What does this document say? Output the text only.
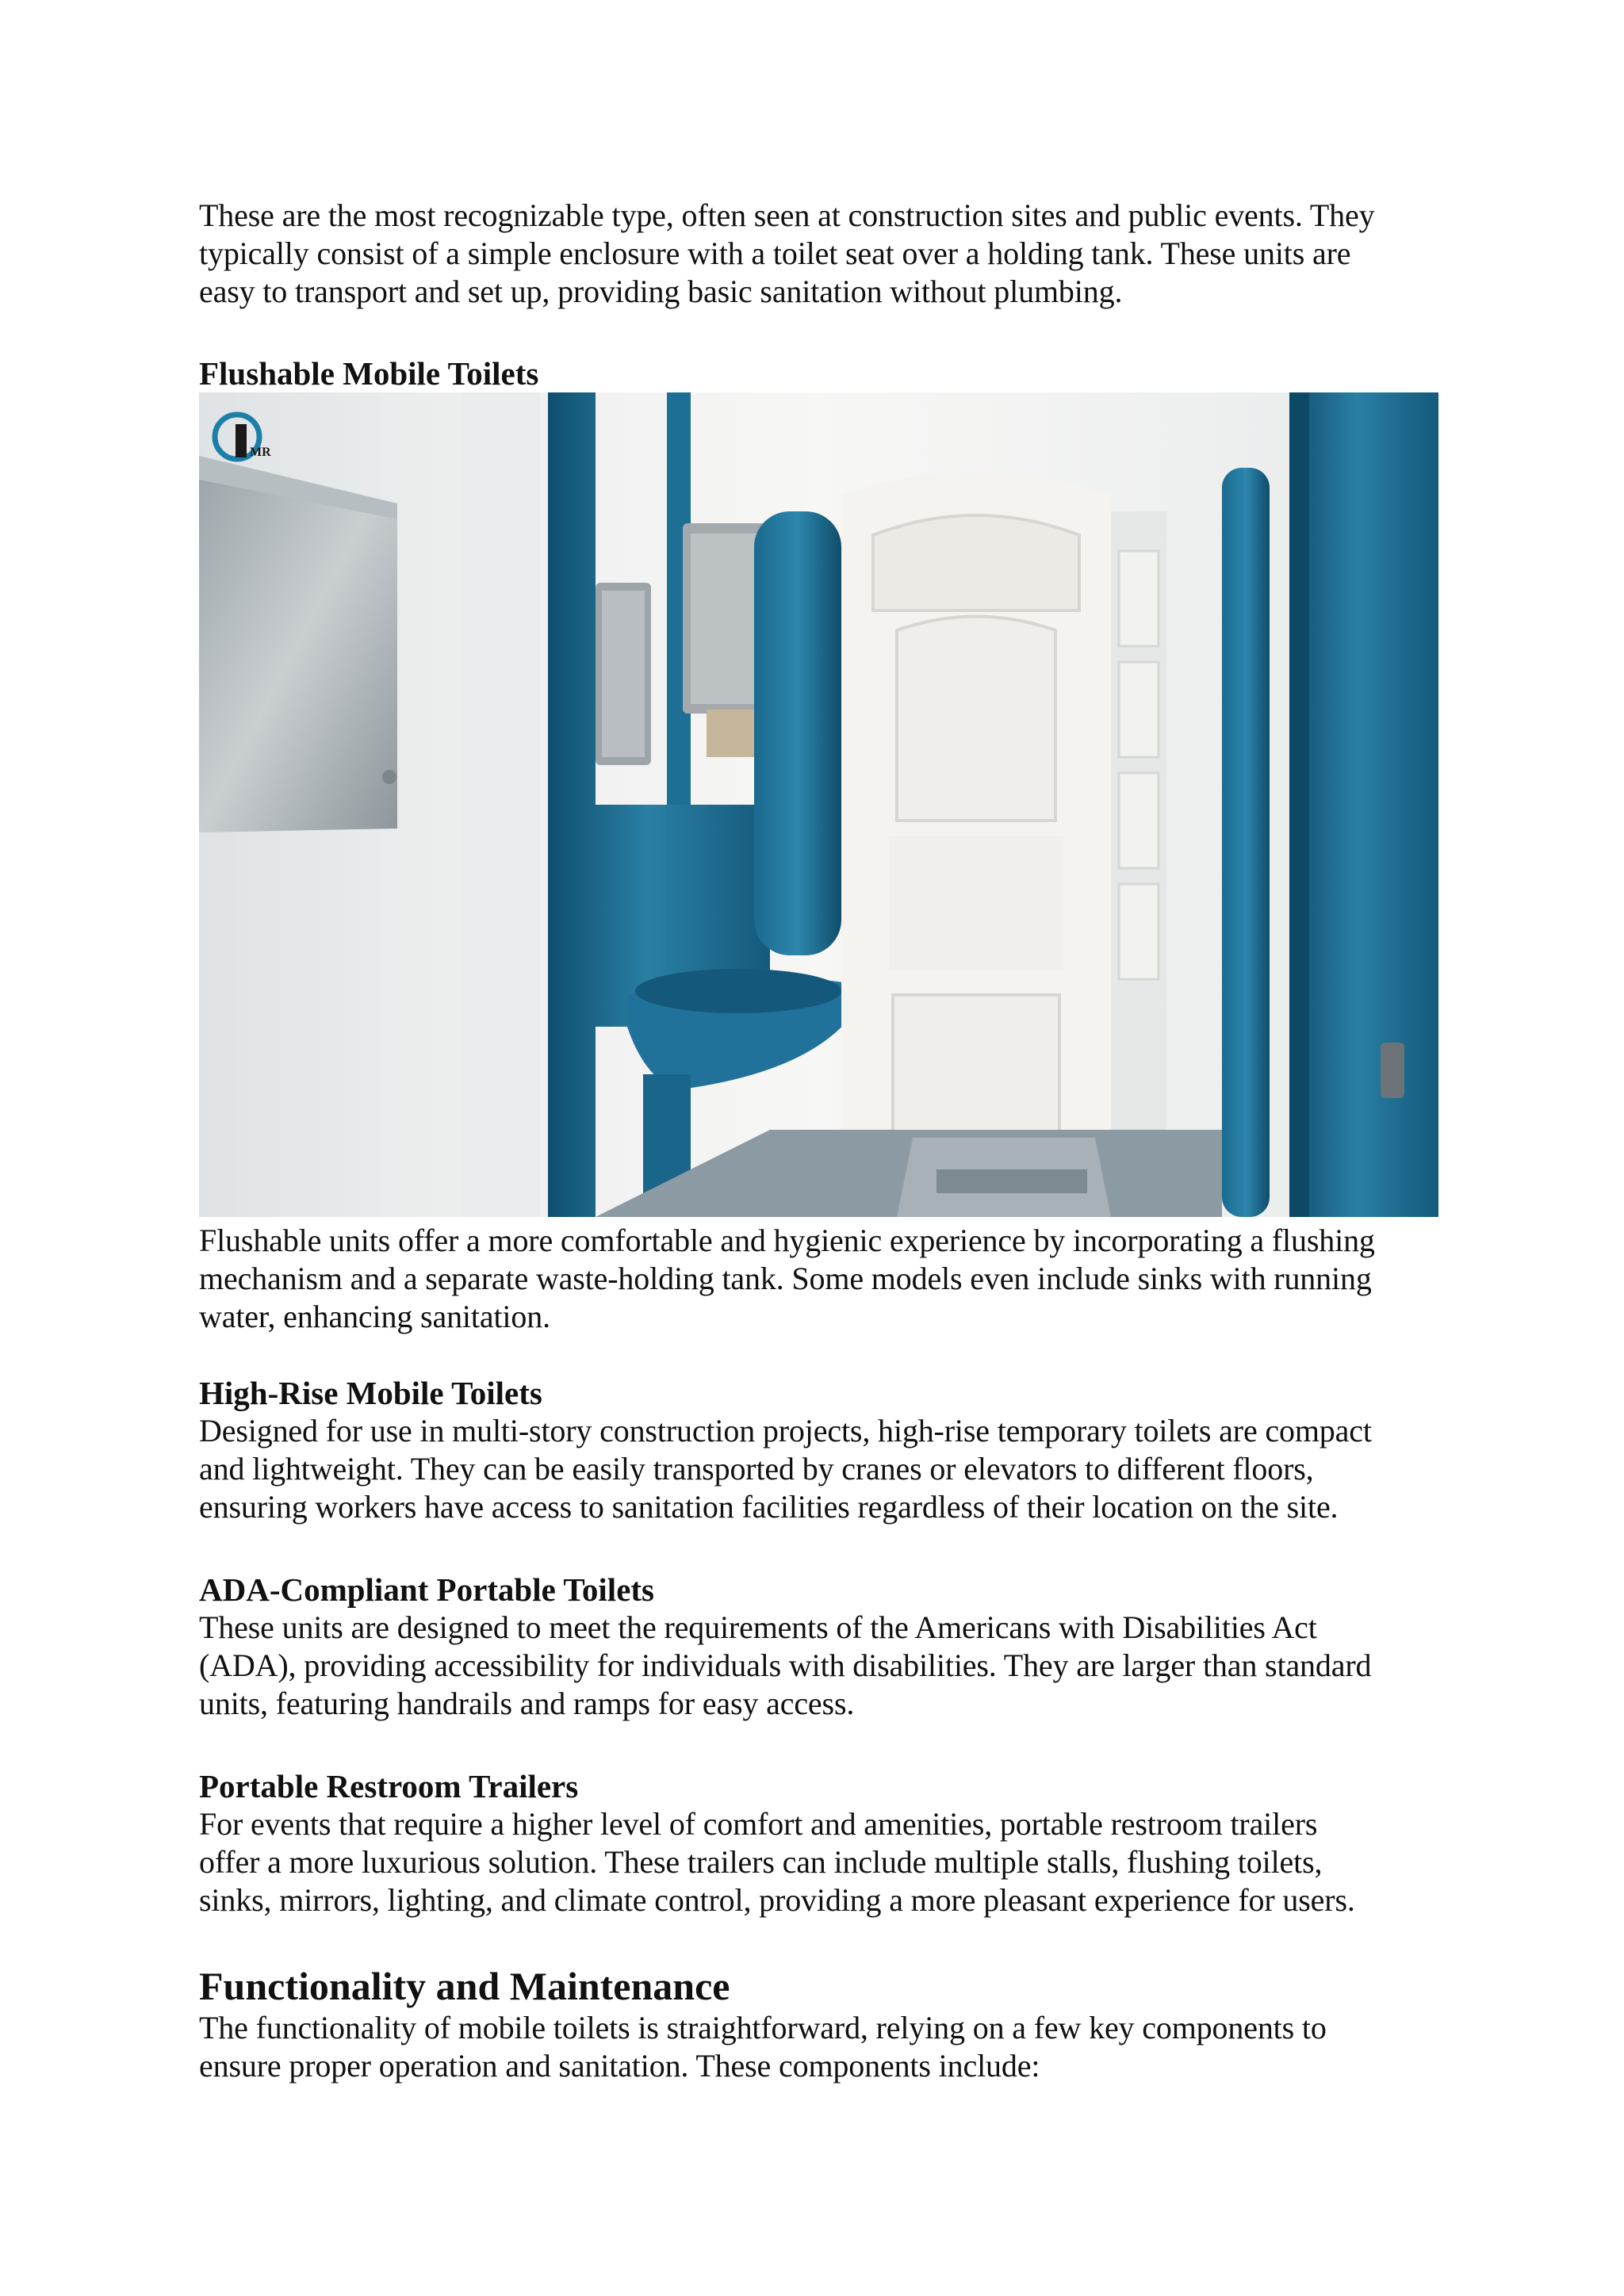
These are the most recognizable type, often seen at construction sites and public events. They
typically consist of a simple enclosure with a toilet seat over a holding tank. These units are
easy to transport and set up, providing basic sanitation without plumbing.

Flushable Mobile Toilets
MR

Flushable units offer a more comfortable and hygienic experience by incorporating a flushing
mechanism and a separate waste-holding tank. Some models even include sinks with running
water, enhancing sanitation.

High-Rise Mobile Toilets

Designed for use in multi-story construction projects, high-rise temporary toilets are compact
and lightweight. They can be easily transported by cranes or elevators to different floors,
ensuring workers have access to sanitation facilities regardless of their location on the site.

ADA-Compliant Portable Toilets

These units are designed to meet the requirements of the Americans with Disabilities Act
(ADA), providing accessibility for individuals with disabilities. They are larger than standard
units, featuring handrails and ramps for easy access.

Portable Restroom Trailers

For events that require a higher level of comfort and amenities, portable restroom trailers
offer a more luxurious solution. These trailers can include multiple stalls, flushing toilets,
sinks, mirrors, lighting, and climate control, providing a more pleasant experience for users.

Functionality and Maintenance

The functionality of mobile toilets is straightforward, relying on a few key components to
ensure proper operation and sanitation. These components include:
